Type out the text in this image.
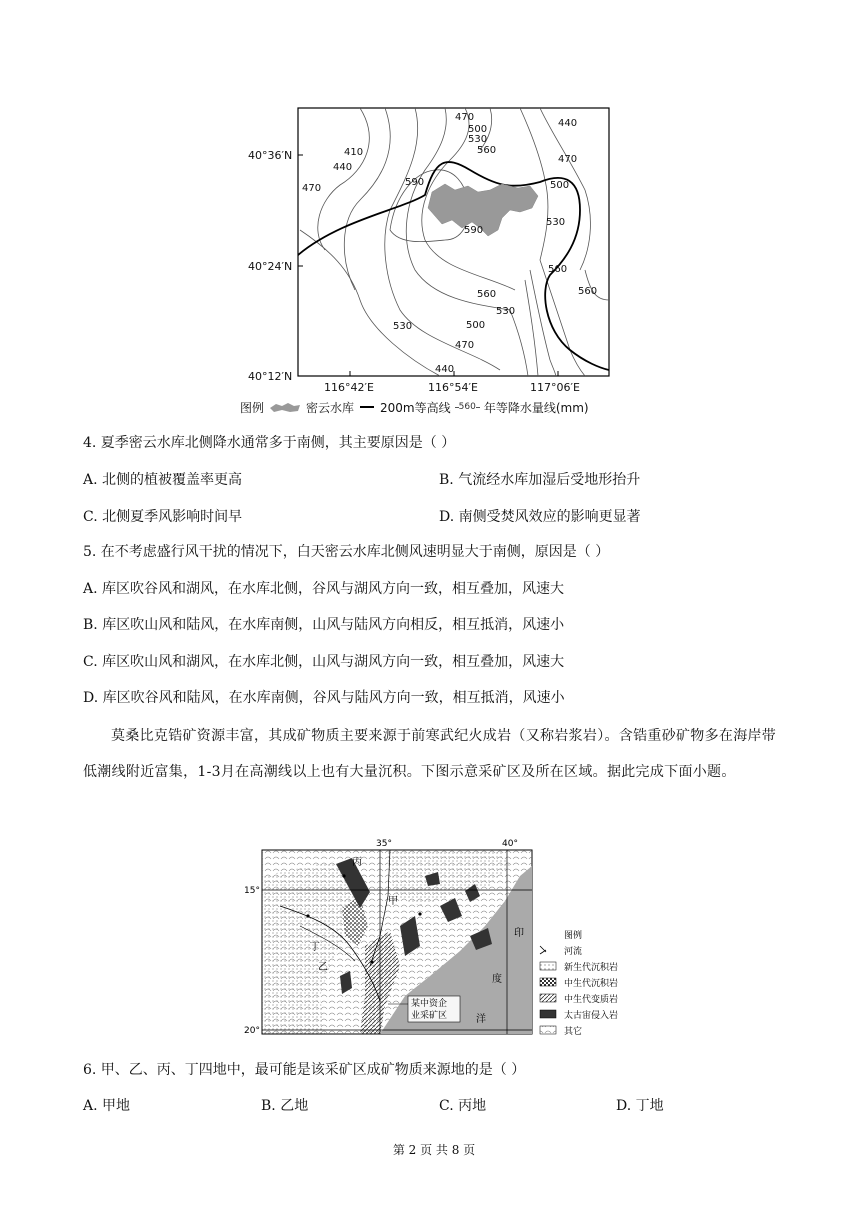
470
500
530
560
440
470
410
440
470
590	500
590
530
560
560
560
530
500
530
470
440
40°36′N
40°24′N
40°12′N
116°42′E	116°54′E	117°06′E
图例	密云水库 200m等高线 560 年等降水量线(mm)
4. 夏季密云水库北侧降水通常多于南侧，其主要原因是（ ）
A. 北侧的植被覆盖率更高	B. 气流经水库加湿后受地形抬升
C. 北侧夏季风影响时间早	D. 南侧受焚风效应的影响更显著
5. 在不考虑盛行风干扰的情况下，白天密云水库北侧风速明显大于南侧，原因是（ ）
A. 库区吹谷风和湖风，在水库北侧，谷风与湖风方向一致，相互叠加，风速大
B. 库区吹山风和陆风，在水库南侧，山风与陆风方向相反，相互抵消，风速小
C. 库区吹山风和湖风，在水库北侧，山风与湖风方向一致，相互叠加，风速大
D. 库区吹谷风和陆风，在水库南侧，谷风与陆风方向一致，相互抵消，风速小
莫桑比克锆矿资源丰富，其成矿物质主要来源于前寒武纪火成岩（又称岩浆岩）。含锆重砂矿物多在海岸带低潮线附近富集，1-3月在高潮线以上也有大量沉积。下图示意采矿区及所在区域。据此完成下面小题。
某中资企
业采矿区
印
度
洋
丙
甲
丁
乙
35°	40°
15°
20°
图例
河流
新生代沉积岩
中生代沉积岩
中生代变质岩
太古宙侵入岩
其它
6. 甲、乙、丙、丁四地中，最可能是该采矿区成矿物质来源地的是（ ）
A. 甲地	B. 乙地	C. 丙地	D. 丁地
第 2 页 共 8 页
